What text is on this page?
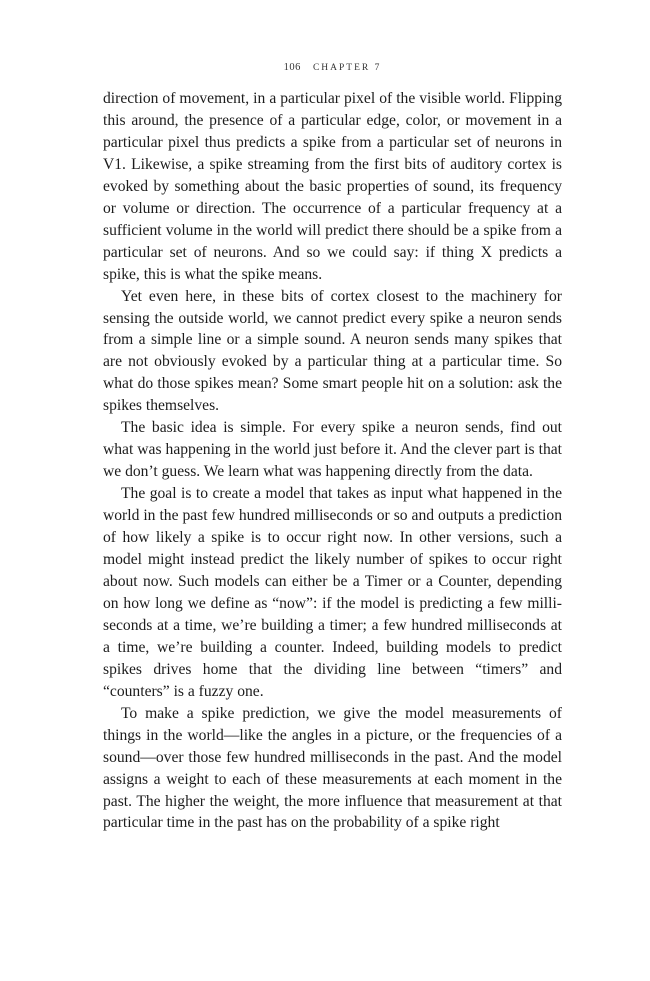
106 CHAPTER 7

direction of movement, in a particular pixel of the visible world. Flipping this around, the presence of a particular edge, color, or movement in a particular pixel thus predicts a spike from a particular set of neurons in V1. Likewise, a spike streaming from the first bits of auditory cortex is evoked by something about the basic properties of sound, its frequency or volume or direction. The occurrence of a particular frequency at a sufficient volume in the world will predict there should be a spike from a particular set of neurons. And so we could say: if thing X predicts a spike, this is what the spike means.

Yet even here, in these bits of cortex closest to the machinery for sensing the outside world, we cannot predict every spike a neuron sends from a simple line or a simple sound. A neuron sends many spikes that are not obviously evoked by a particular thing at a particular time. So what do those spikes mean? Some smart people hit on a solution: ask the spikes themselves.

The basic idea is simple. For every spike a neuron sends, find out what was happening in the world just before it. And the clever part is that we don’t guess. We learn what was happening directly from the data.

The goal is to create a model that takes as input what happened in the world in the past few hundred milliseconds or so and outputs a prediction of how likely a spike is to occur right now. In other versions, such a model might instead predict the likely number of spikes to occur right about now. Such models can either be a Timer or a Counter, depending on how long we define as “now”: if the model is predicting a few milliseconds at a time, we’re building a timer; a few hundred milliseconds at a time, we’re building a counter. Indeed, building models to predict spikes drives home that the dividing line between “timers” and “counters” is a fuzzy one.

To make a spike prediction, we give the model measurements of things in the world—like the angles in a picture, or the frequencies of a sound—over those few hundred milliseconds in the past. And the model assigns a weight to each of these measurements at each moment in the past. The higher the weight, the more influence that measurement at that particular time in the past has on the probability of a spike right
